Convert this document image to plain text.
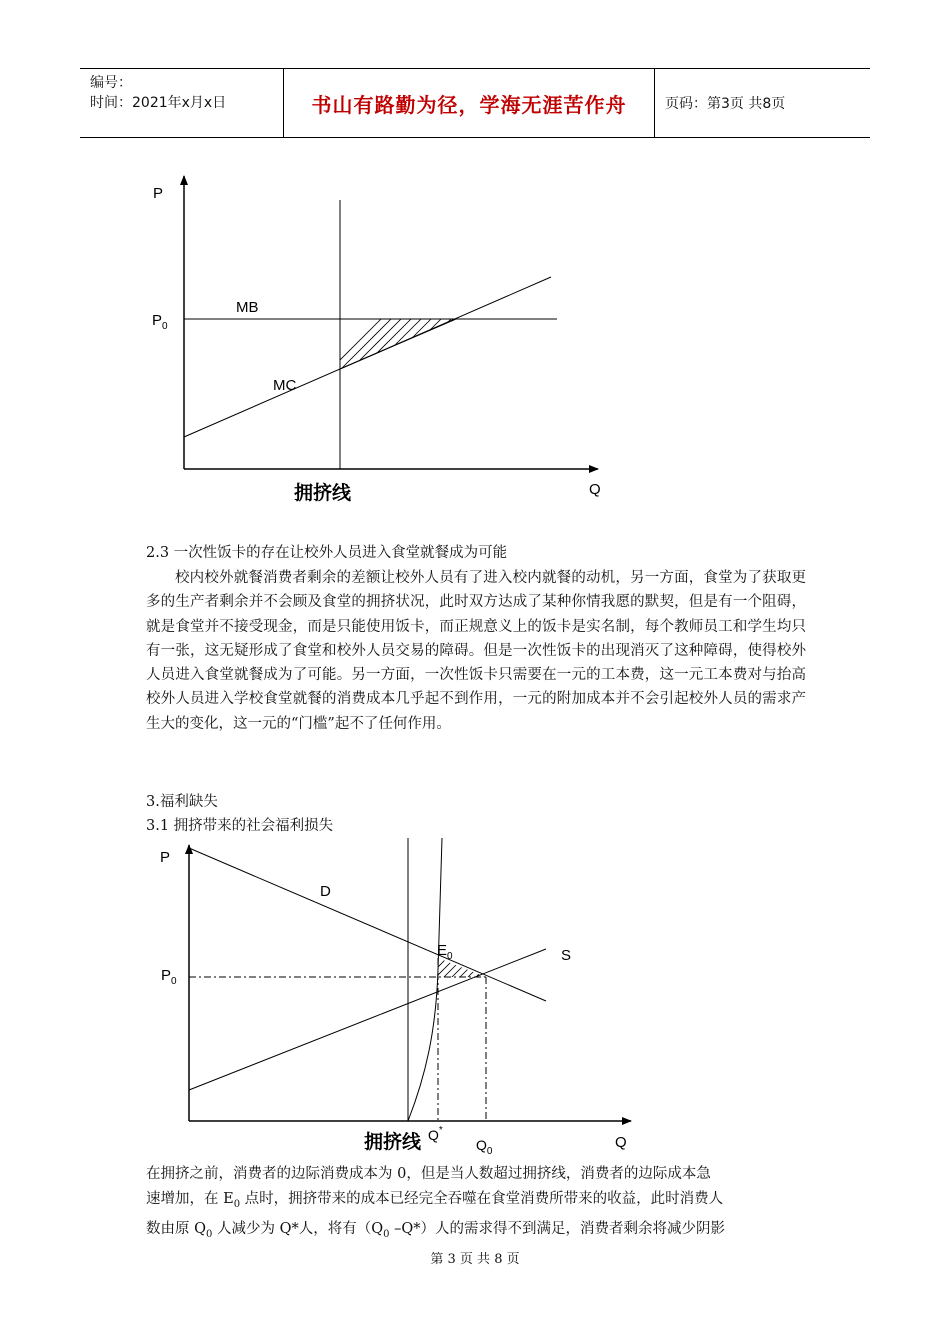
编号：
时间：2021年x月x日	书山有路勤为径，学海无涯苦作舟	页码：第3页 共8页
P
$P_0$
MB
MC
Q
拥挤线
2.3 一次性饭卡的存在让校外人员进入食堂就餐成为可能

校内校外就餐消费者剩余的差额让校外人员有了进入校内就餐的动机，另一方面，食堂为了获取更多的生产者剩余并不会顾及食堂的拥挤状况，此时双方达成了某种你情我愿的默契，但是有一个阻碍，就是食堂并不接受现金，而是只能使用饭卡，而正规意义上的饭卡是实名制，每个教师员工和学生均只有一张，这无疑形成了食堂和校外人员交易的障碍。但是一次性饭卡的出现消灭了这种障碍，使得校外人员进入食堂就餐成为了可能。另一方面，一次性饭卡只需要在一元的工本费，这一元工本费对与抬高校外人员进入学校食堂就餐的消费成本几乎起不到作用，一元的附加成本并不会引起校外人员的需求产生大的变化，这一元的“门槛”起不了任何作用。

3.福利缺失
3.1 拥挤带来的社会福利损失
P
D
$E_0$	S
$P_0$
拥挤线 Q*
$Q_0$
Q
在拥挤之前，消费者的边际消费成本为 0，但是当人数超过拥挤线，消费者的边际成本急
速增加，在 $E_0$ 点时，拥挤带来的成本已经完全吞噬在食堂消费所带来的收益，此时消费人
数由原 $Q_0$ 人减少为 Q*人，将有（$Q_0$ –Q*）人的需求得不到满足，消费者剩余将减少阴影
第 3 页 共 8 页
